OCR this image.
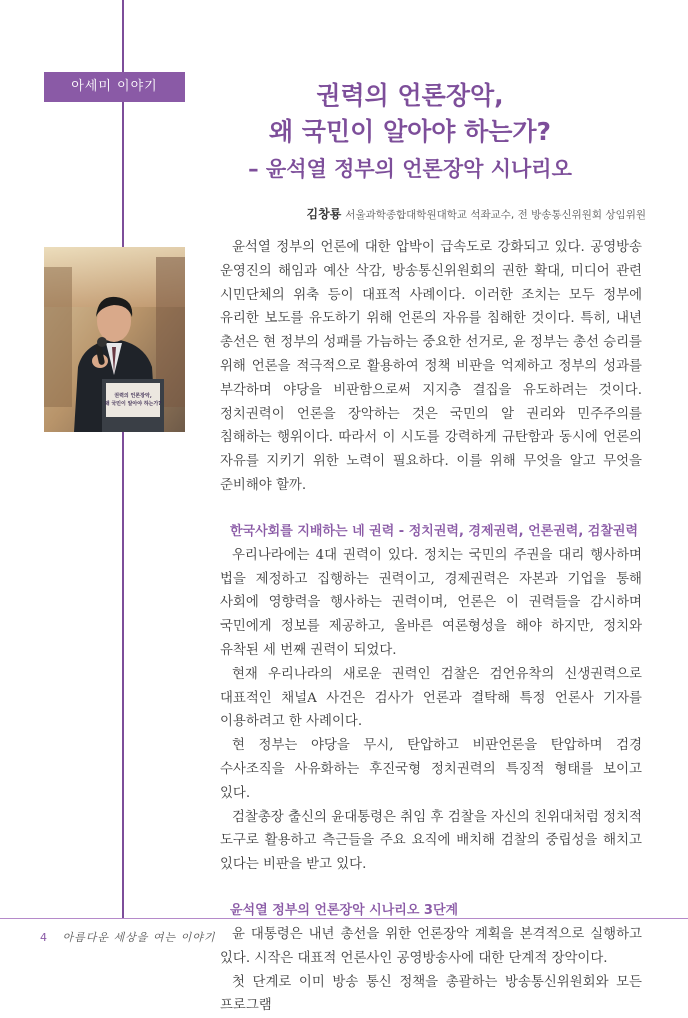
아세미 이야기	권력의 언론장악,
왜 국민이 알아야 하는가?
– 윤석열 정부의 언론장악 시나리오
김창룡 서울과학종합대학원대학교 석좌교수, 전 방송통신위원회 상임위원
권력의 언론장악,
왜 국민이 알아야 하는가?

윤석열 정부의 언론에 대한 압박이 급속도로 강화되고 있다. 공영방송 운영진의 해임과 예산 삭감, 방송통신위원회의 권한 확대, 미디어 관련 시민단체의 위축 등이 대표적 사례이다. 이러한 조치는 모두 정부에 유리한 보도를 유도하기 위해 언론의 자유를 침해한 것이다. 특히, 내년 총선은 현 정부의 성패를 가늠하는 중요한 선거로, 윤 정부는 총선 승리를 위해 언론을 적극적으로 활용하여 정책 비판을 억제하고 정부의 성과를 부각하며 야당을 비판함으로써 지지층 결집을 유도하려는 것이다. 정치권력이 언론을 장악하는 것은 국민의 알 권리와 민주주의를 침해하는 행위이다. 따라서 이 시도를 강력하게 규탄함과 동시에 언론의 자유를 지키기 위한 노력이 필요하다. 이를 위해 무엇을 알고 무엇을 준비해야 할까.

한국사회를 지배하는 네 권력 - 정치권력, 경제권력, 언론권력, 검찰권력

우리나라에는 4대 권력이 있다. 정치는 국민의 주권을 대리 행사하며 법을 제정하고 집행하는 권력이고, 경제권력은 자본과 기업을 통해 사회에 영향력을 행사하는 권력이며, 언론은 이 권력들을 감시하며 국민에게 정보를 제공하고, 올바른 여론형성을 해야 하지만, 정치와 유착된 세 번째 권력이 되었다.

현재 우리나라의 새로운 권력인 검찰은 검언유착의 신생권력으로 대표적인 채널A 사건은 검사가 언론과 결탁해 특정 언론사 기자를 이용하려고 한 사례이다.

현 정부는 야당을 무시, 탄압하고 비판언론을 탄압하며 검경 수사조직을 사유화하는 후진국형 정치권력의 특징적 형태를 보이고 있다.

검찰총장 출신의 윤대통령은 취임 후 검찰을 자신의 친위대처럼 정치적 도구로 활용하고 측근들을 주요 요직에 배치해 검찰의 중립성을 해치고 있다는 비판을 받고 있다.

윤석열 정부의 언론장악 시나리오 3단계

윤 대통령은 내년 총선을 위한 언론장악 계획을 본격적으로 실행하고 있다. 시작은 대표적 언론사인 공영방송사에 대한 단계적 장악이다.

첫 단계로 이미 방송 통신 정책을 총괄하는 방송통신위원회와 모든 프로그램

4 아름다운 세상을 여는 이야기
